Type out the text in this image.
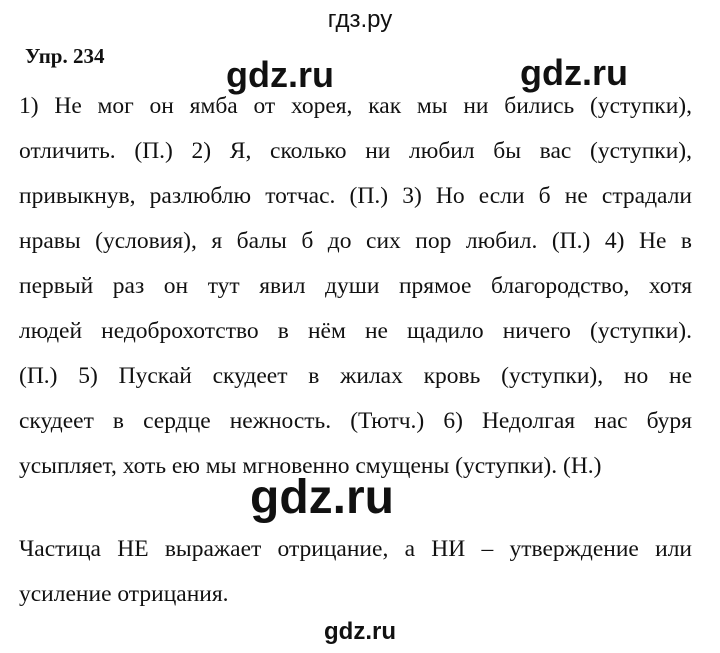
гдз.ру
Упр. 234	gdz.ru	gdz.ru
1) Не мог он ямба от хорея, как мы ни бились (уступки),
отличить. (П.) 2) Я, сколько ни любил бы вас (уступки),
привыкнув, разлюблю тотчас. (П.) 3) Но если б не страдали
нравы (условия), я балы б до сих пор любил. (П.) 4) Не в
первый раз он тут явил души прямое благородство, хотя
людей недоброхотство в нём не щадило ничего (уступки).
(П.) 5) Пускай скудеет в жилах кровь (уступки), но не
скудеет в сердце нежность. (Тютч.) 6) Недолгая нас буря
усыпляет, хоть ею мы мгновенно смущены (уступки). (Н.)
gdz.ru
Частица НЕ выражает отрицание, а НИ – утверждение или
усиление отрицания.
gdz.ru
